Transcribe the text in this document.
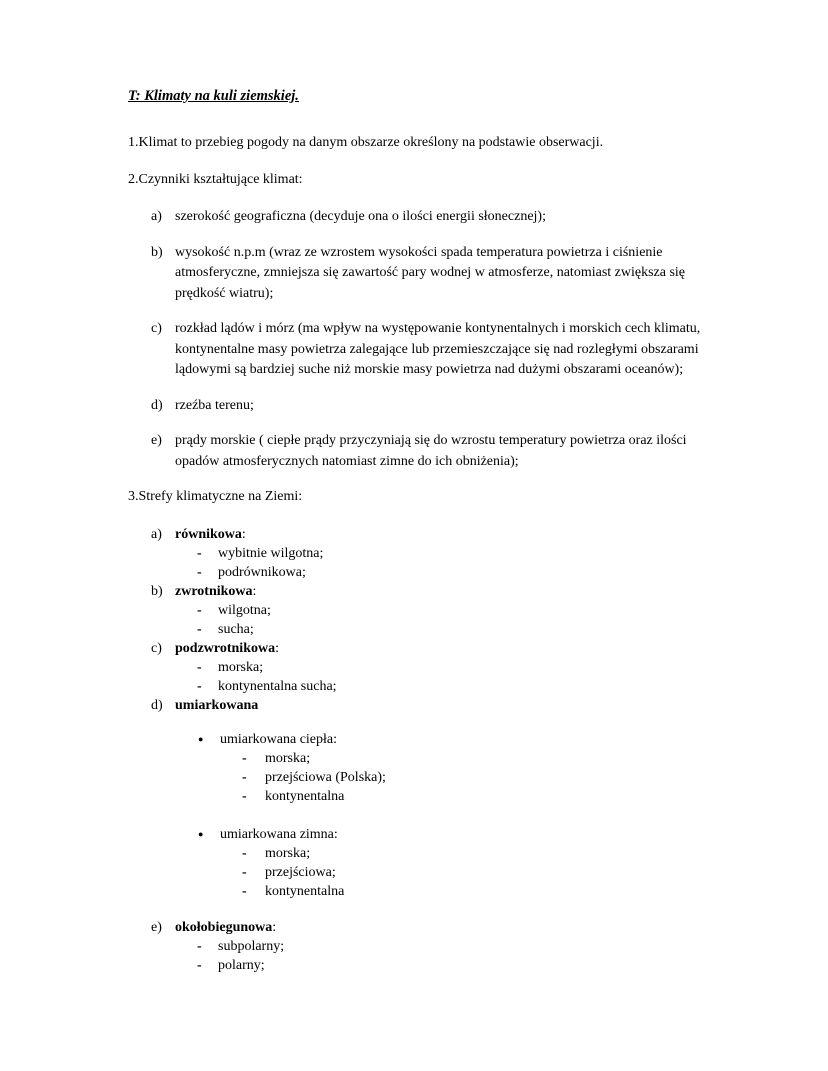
T: Klimaty na kuli ziemskiej.
1.Klimat to przebieg pogody na danym obszarze określony na podstawie obserwacji.
2.Czynniki kształtujące klimat:
a) szerokość geograficzna (decyduje ona o ilości energii słonecznej);
b) wysokość n.p.m (wraz ze wzrostem wysokości spada temperatura powietrza i ciśnienie
atmosferyczne, zmniejsza się zawartość pary wodnej w atmosferze, natomiast zwiększa się
prędkość wiatru);
c) rozkład lądów i mórz (ma wpływ na występowanie kontynentalnych i morskich cech klimatu,
kontynentalne masy powietrza zalegające lub przemieszczające się nad rozległymi obszarami
lądowymi są bardziej suche niż morskie masy powietrza nad dużymi obszarami oceanów);
d) rzeźba terenu;
e) prądy morskie ( ciepłe prądy przyczyniają się do wzrostu temperatury powietrza oraz ilości
opadów atmosferycznych natomiast zimne do ich obniżenia);
3.Strefy klimatyczne na Ziemi:
a) równikowa:
- wybitnie wilgotna;
- podrównikowa;
b) zwrotnikowa:
- wilgotna;
- sucha;
c) podzwrotnikowa:
- morska;
- kontynentalna sucha;
d) umiarkowana
● umiarkowana ciepła:
- morska;
- przejściowa (Polska);
- kontynentalna
● umiarkowana zimna:
- morska;
- przejściowa;
- kontynentalna
e) okołobiegunowa:
- subpolarny;
- polarny;
